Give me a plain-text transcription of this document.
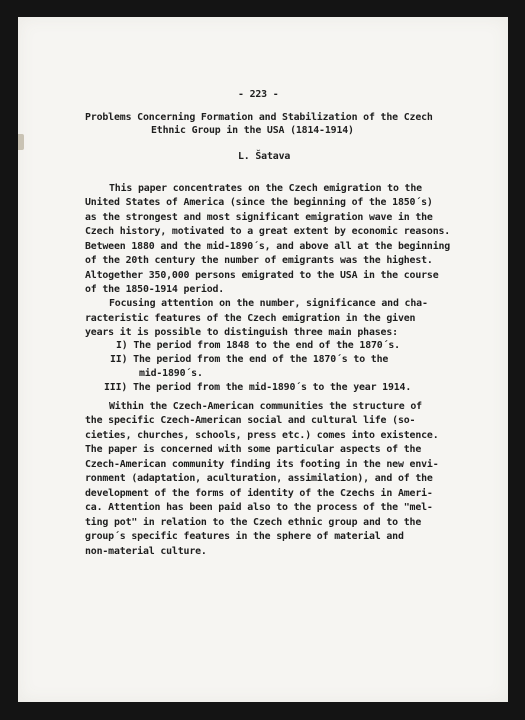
- 223 -

Problems Concerning Formation and Stabilization of the Czech

Ethnic Group in the USA (1814-1914)

L. Šatava

This paper concentrates on the Czech emigration to the

United States of America (since the beginning of the 1850´s)

as the strongest and most significant emigration wave in the

Czech history, motivated to a great extent by economic reasons.

Between 1880 and the mid-1890´s, and above all at the beginning

of the 20th century the number of emigrants was the highest.

Altogether 350,000 persons emigrated to the USA in the course

of the 1850-1914 period.

Focusing attention on the number, significance and cha-

racteristic features of the Czech emigration in the given

years it is possible to distinguish three main phases:

I) The period from 1848 to the end of the 1870´s.

II) The period from the end of the 1870´s to the

mid-1890´s.

III) The period from the mid-1890´s to the year 1914.

Within the Czech-American communities the structure of

the specific Czech-American social and cultural life (so-

cieties, churches, schools, press etc.) comes into existence.

The paper is concerned with some particular aspects of the

Czech-American community finding its footing in the new envi-

ronment (adaptation, aculturation, assimilation), and of the

development of the forms of identity of the Czechs in Ameri-

ca. Attention has been paid also to the process of the "mel-

ting pot" in relation to the Czech ethnic group and to the

group´s specific features in the sphere of material and

non-material culture.
